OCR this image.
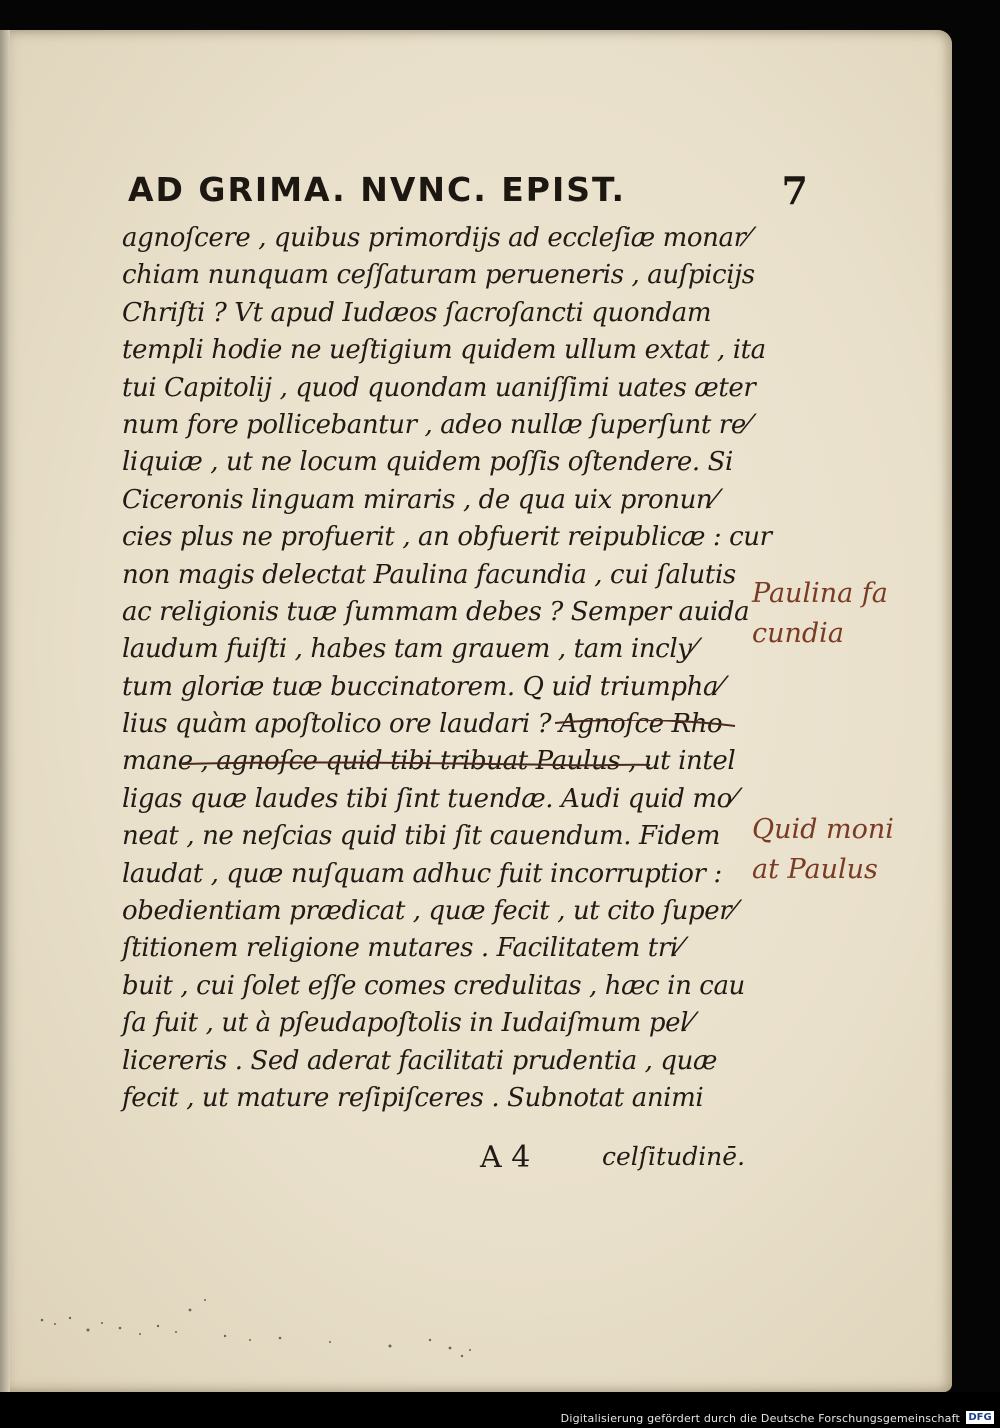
AD GRIMA. NVNC. EPIST.	7
agnoſcere , quibus primordijs ad eccleſiæ monar⁄
chiam nunquam ceſſaturam perueneris , auſpicijs
Chriſti ? Vt apud Iudæos ſacroſancti quondam
templi hodie ne ueſtigium quidem ullum extat , ita
tui Capitolij , quod quondam uaniſſimi uates æter
num fore pollicebantur , adeo nullæ ſuperſunt re⁄
liquiæ , ut ne locum quidem poſſis oſtendere. Si
Ciceronis linguam miraris , de qua uix pronun⁄
cies plus ne profuerit , an obfuerit reipublicæ : cur
non magis delectat Paulina facundia , cui ſalutis
ac religionis tuæ ſummam debes ? Semper auida
laudum fuiſti , habes tam grauem , tam incly⁄
tum gloriæ tuæ buccinatorem. Q uid triumpha⁄
lius quàm apoſtolico ore laudari ? Agnoſce Rho
mane , agnoſce quid tibi tribuat Paulus , ut intel
ligas quæ laudes tibi ſint tuendæ. Audi quid mo⁄
neat , ne neſcias quid tibi ſit cauendum. Fidem
laudat , quæ nuſquam adhuc fuit incorruptior :
obedientiam prædicat , quæ fecit , ut cito ſuper⁄
ſtitionem religione mutares . Facilitatem tri⁄
buit , cui ſolet eſſe comes credulitas , hæc in cau
ſa fuit , ut à pſeudapoſtolis in Iudaiſmum pel⁄
licereris . Sed aderat facilitati prudentia , quæ
fecit , ut mature reſipiſceres . Subnotat animi
A 4	celſitudinē.
Paulina fa
cundia
Quid moni
at Paulus
Digitalisierung gefördert durch die Deutsche Forschungsgemeinschaft DFG
